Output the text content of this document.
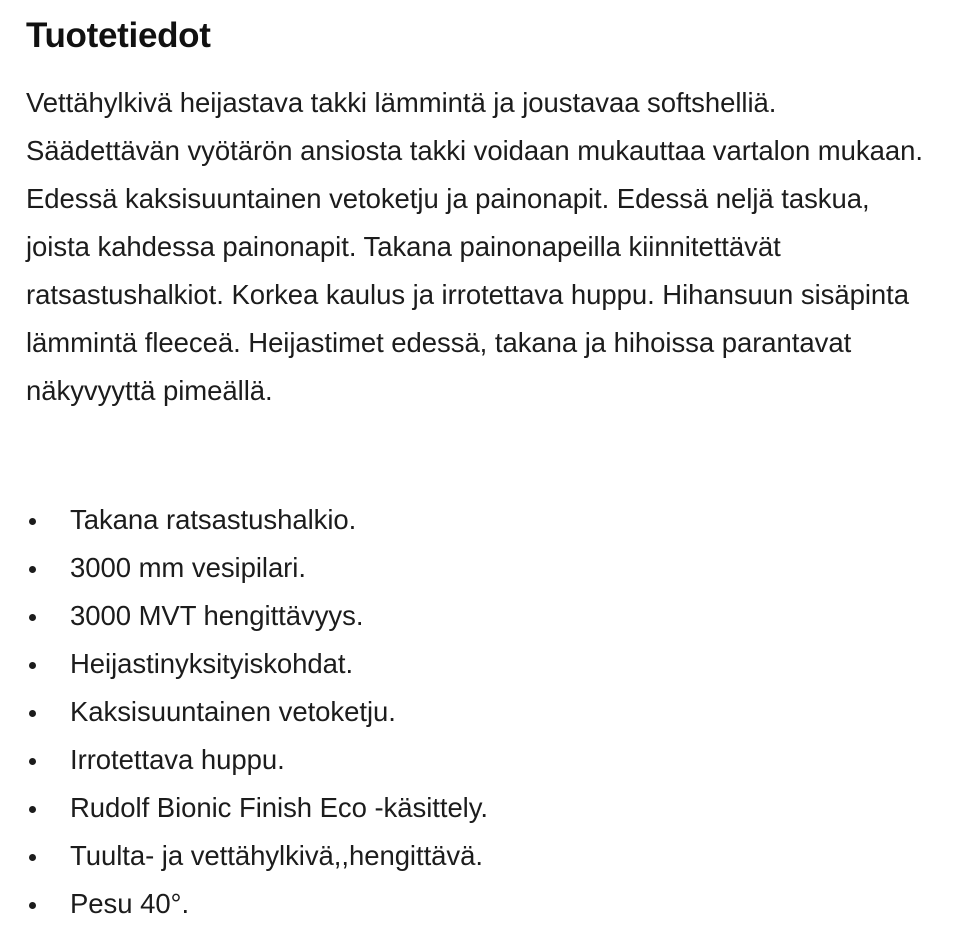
Tuotetiedot

Vettähylkivä heijastava takki lämmintä ja joustavaa softshelliä. Säädettävän vyötärön ansiosta takki voidaan mukauttaa vartalon mukaan. Edessä kaksisuuntainen vetoketju ja painonapit. Edessä neljä taskua, joista kahdessa painonapit. Takana painonapeilla kiinnitettävät ratsastushalkiot. Korkea kaulus ja irrotettava huppu. Hihansuun sisäpinta lämmintä fleeceä. Heijastimet edessä, takana ja hihoissa parantavat näkyvyyttä pimeällä.

Takana ratsastushalkio.
3000 mm vesipilari.
3000 MVT hengittävyys.
Heijastinyksityiskohdat.
Kaksisuuntainen vetoketju.
Irrotettava huppu.
Rudolf Bionic Finish Eco -käsittely.
Tuulta- ja vettähylkivä,,hengittävä.
Pesu 40°.
